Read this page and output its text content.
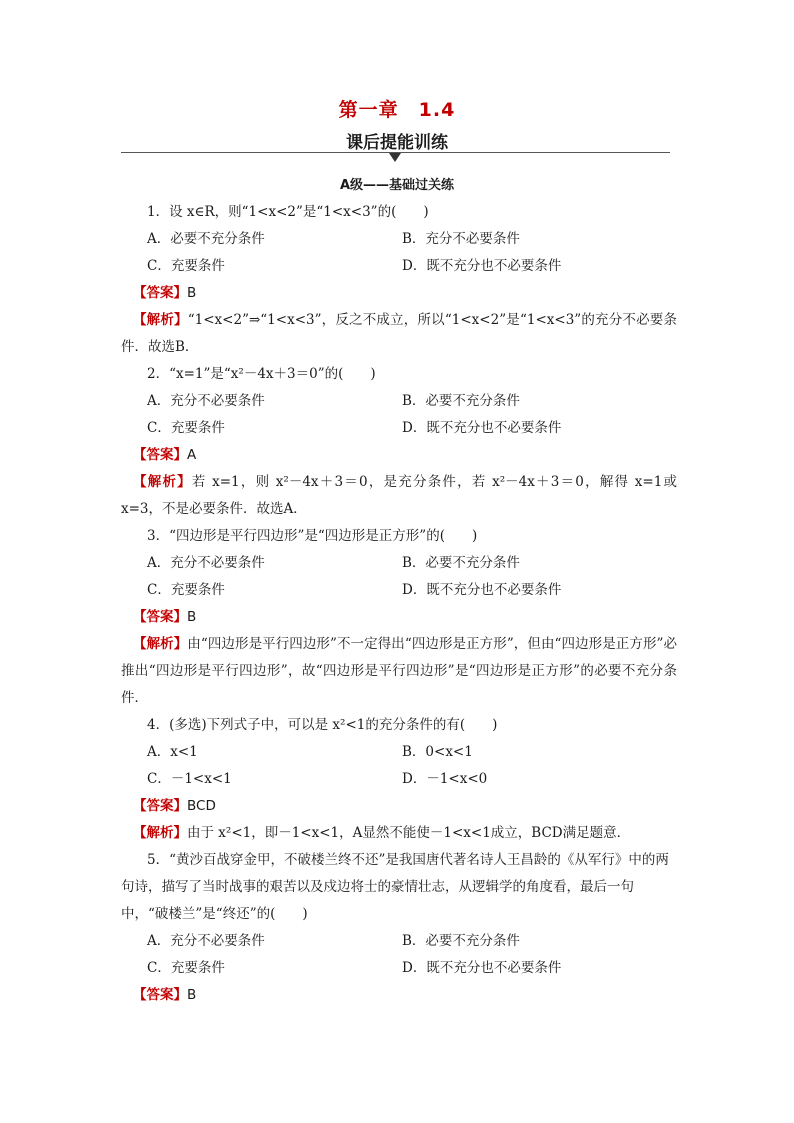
第一章　1.4
课后提能训练
A级——基础过关练

1．设 x∈R，则“1<x<2”是“1<x<3”的(　　)

A．必要不充分条件	B．充分不必要条件
C．充要条件	D．既不充分也不必要条件

【答案】B

【解析】“1<x<2”⇒“1<x<3”，反之不成立，所以“1<x<2”是“1<x<3”的充分不必要条件．故选B．

2．“x=1”是“x²－4x＋3＝0”的(　　)

A．充分不必要条件	B．必要不充分条件
C．充要条件	D．既不充分也不必要条件

【答案】A

【解析】若 x=1，则 x²－4x＋3＝0，是充分条件，若 x²－4x＋3＝0，解得 x=1或 x=3，不是必要条件．故选A．

3．“四边形是平行四边形”是“四边形是正方形”的(　　)

A．充分不必要条件	B．必要不充分条件
C．充要条件	D．既不充分也不必要条件

【答案】B

【解析】由“四边形是平行四边形”不一定得出“四边形是正方形”，但由“四边形是正方形”必推出“四边形是平行四边形”，故“四边形是平行四边形”是“四边形是正方形”的必要不充分条件．

4．(多选)下列式子中，可以是 x²<1的充分条件的有(　　)

A．x<1	B．0<x<1
C．－1<x<1	D．－1<x<0

【答案】BCD

【解析】由于 x²<1，即－1<x<1，A显然不能使－1<x<1成立，BCD满足题意．

5．“黄沙百战穿金甲，不破楼兰终不还”是我国唐代著名诗人王昌龄的《从军行》中的两句诗，描写了当时战事的艰苦以及戍边将士的豪情壮志，从逻辑学的角度看，最后一句中，“破楼兰”是“终还”的(　　)

A．充分不必要条件	B．必要不充分条件
C．充要条件	D．既不充分也不必要条件

【答案】B
